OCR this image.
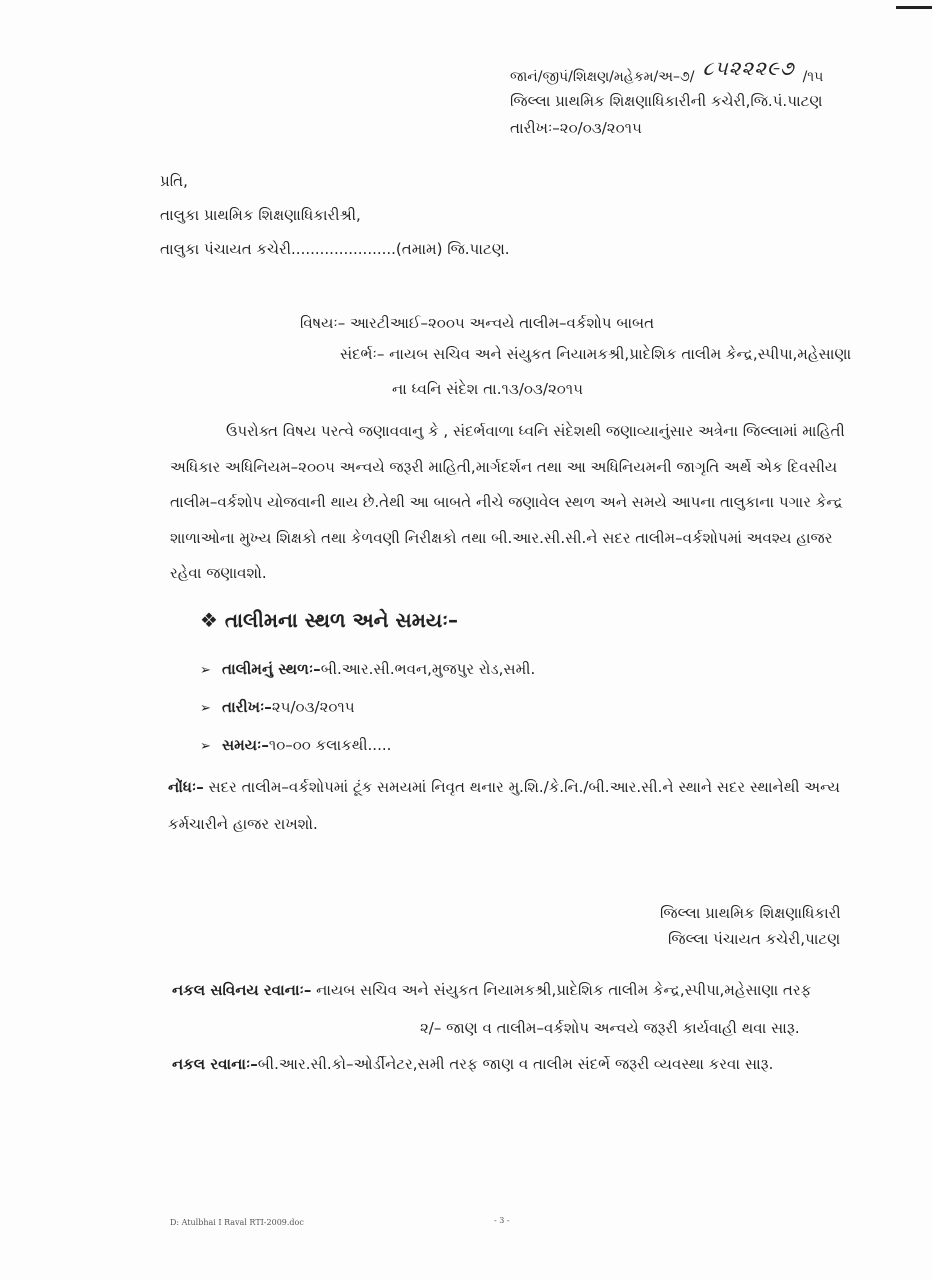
જાનં/જીપં/શિક્ષણ/મહેકમ/અ–૭/ ૮૫૨૨૨૯૭ /૧૫
જિલ્લા પ્રાથમિક શિક્ષણાધિકારીની કચેરી,જિ.પં.પાટણ
તારીખઃ–૨૦/૦૩/૨૦૧૫
પ્રતિ,
તાલુકા પ્રાથમિક શિક્ષણાધિકારીશ્રી,
તાલુકા પંચાયત કચેરી......................(તમામ) જિ.પાટણ.
વિષયઃ– આરટીઆઈ–૨૦૦૫ અન્વયે તાલીમ–વર્કશોપ બાબત
સંદર્ભઃ– નાયબ સચિવ અને સંયુકત નિયામકશ્રી,પ્રાદેશિક તાલીમ કેન્દ્ર,સ્પીપા,મહેસાણા
ના ધ્વનિ સંદેશ તા.૧૩/૦૩/૨૦૧૫
ઉપરોક્ત વિષય પરત્વે જણાવવાનુ કે , સંદર્ભવાળા ધ્વનિ સંદેશથી જણાવ્યાનુંસાર અત્રેના જિલ્લામાં માહિતી અધિકાર અધિનિયમ–૨૦૦૫ અન્વયે જરૂરી માહિતી,માર્ગદર્શન તથા આ અધિનિયમની જાગૃતિ અર્થે એક દિવસીય તાલીમ–વર્કશોપ યોજવાની થાય છે.તેથી આ બાબતે નીચે જણાવેલ સ્થળ અને સમયે આપના તાલુકાના પગાર કેન્દ્ર શાળાઓના મુખ્ય શિક્ષકો તથા કેળવણી નિરીક્ષકો તથા બી.આર.સી.સી.ને સદર તાલીમ–વર્કશોપમાં અવશ્ય હાજર રહેવા જણાવશો.
❖ તાલીમના સ્થળ અને સમયઃ–
➢ તાલીમનું સ્થળઃ–બી.આર.સી.ભવન,મુજપુર રોડ,સમી.
➢ તારીખઃ–૨૫/૦૩/૨૦૧૫
➢ સમયઃ–૧૦–૦૦ કલાકથી.....
નોંધઃ– સદર તાલીમ–વર્કશોપમાં ટૂંક સમયમાં નિવૃત થનાર મુ.શિ./કે.નિ./બી.આર.સી.ને સ્થાને સદર સ્થાનેથી અન્ય કર્મચારીને હાજર રાખશો.
જિલ્લા પ્રાથમિક શિક્ષણાધિકારી
જિલ્લા પંચાયત કચેરી,પાટણ
નકલ સવિનય રવાનાઃ– નાયબ સચિવ અને સંયુકત નિયામકશ્રી,પ્રાદેશિક તાલીમ કેન્દ્ર,સ્પીપા,મહેસાણા તરફ
૨/– જાણ વ તાલીમ–વર્કશોપ અન્વયે જરૂરી કાર્યવાહી થવા સારૂ.
નકલ રવાનાઃ–બી.આર.સી.કો–ઓર્ડીનેટર,સમી તરફ જાણ વ તાલીમ સંદર્ભે જરૂરી વ્યવસ્થા કરવા સારૂ.
D: Atulbhai I Raval RTI-2009.doc	- 3 -
